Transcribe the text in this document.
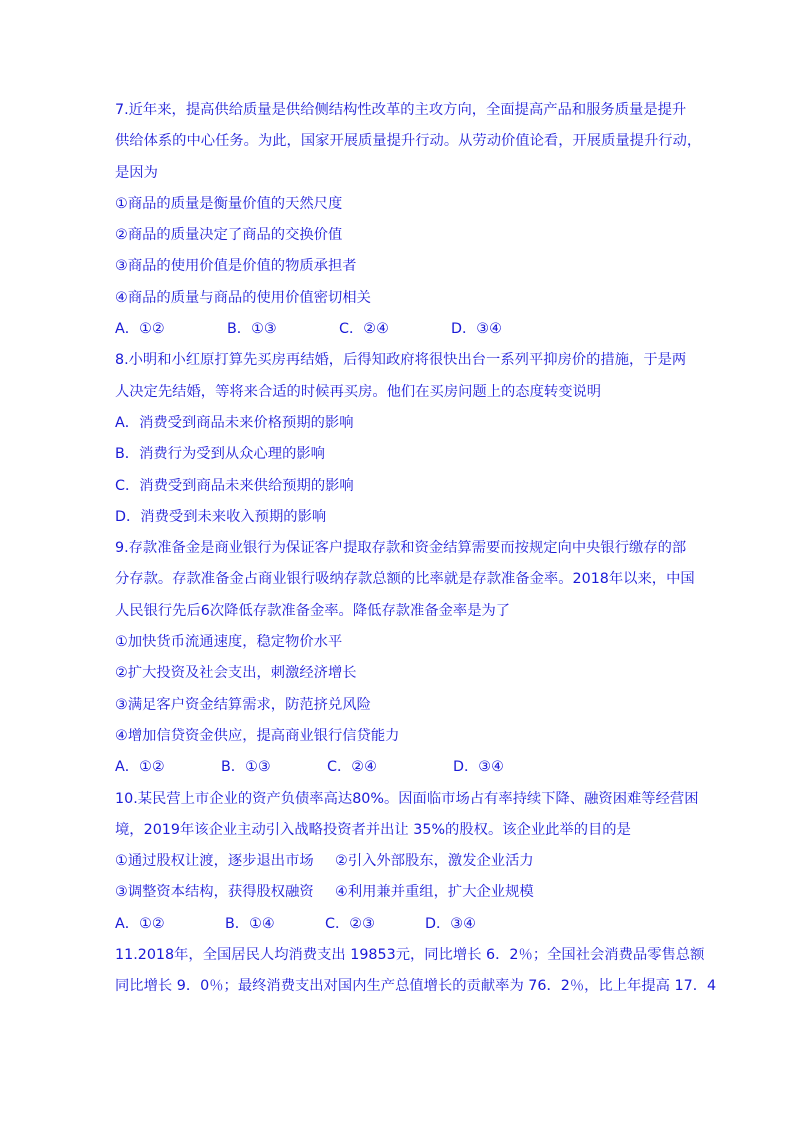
7.近年来，提高供给质量是供给侧结构性改革的主攻方向，全面提高产品和服务质量是提升
供给体系的中心任务。为此，国家开展质量提升行动。从劳动价值论看，开展质量提升行动，
是因为
①商品的质量是衡量价值的天然尺度
②商品的质量决定了商品的交换价值
③商品的使用价值是价值的物质承担者
④商品的质量与商品的使用价值密切相关
A．①②	B．①③	C．②④	D．③④
8.小明和小红原打算先买房再结婚，后得知政府将很快出台一系列平抑房价的措施，于是两
人决定先结婚，等将来合适的时候再买房。他们在买房问题上的态度转变说明
A．消费受到商品未来价格预期的影响
B．消费行为受到从众心理的影响
C．消费受到商品未来供给预期的影响
D．消费受到未来收入预期的影响
9.存款准备金是商业银行为保证客户提取存款和资金结算需要而按规定向中央银行缴存的部
分存款。存款准备金占商业银行吸纳存款总额的比率就是存款准备金率。2018年以来，中国
人民银行先后6次降低存款准备金率。降低存款准备金率是为了
①加快货币流通速度，稳定物价水平
②扩大投资及社会支出，刺激经济增长
③满足客户资金结算需求，防范挤兑风险
④增加信贷资金供应，提高商业银行信贷能力
A．①②	B．①③	C．②④	D．③④
10.某民营上市企业的资产负债率高达80%。因面临市场占有率持续下降、融资困难等经营困
境，2019年该企业主动引入战略投资者并出让 35%的股权。该企业此举的目的是
①通过股权让渡，逐步退出市场 ②引入外部股东，激发企业活力
③调整资本结构，获得股权融资 ④利用兼并重组，扩大企业规模
A．①②	B．①④	C．②③	D．③④
11.2018年，全国居民人均消费支出 19853元，同比增长 6．2％；全国社会消费品零售总额
同比增长 9．0％；最终消费支出对国内生产总值增长的贡献率为 76．2％，比上年提高 17．4
